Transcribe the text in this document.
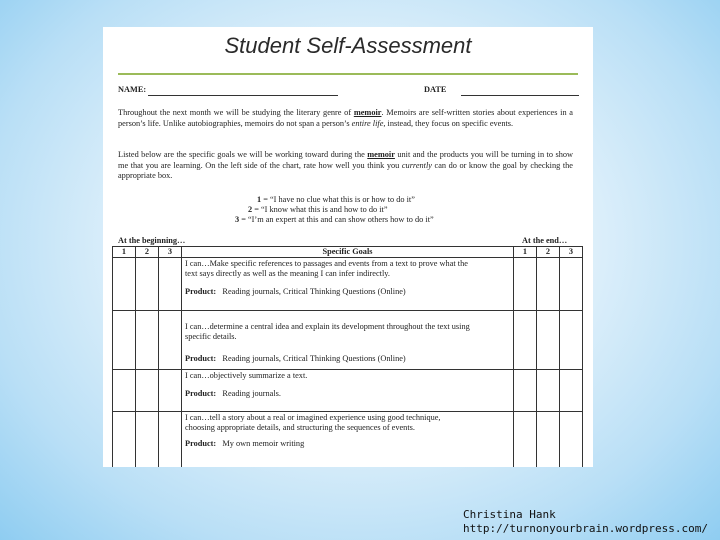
Student Self-Assessment
NAME:	DATE
Throughout the next month we will be studying the literary genre of memoir. Memoirs are self-written stories about experiences in a person’s life. Unlike autobiographies, memoirs do not span a person’s entire life, instead, they focus on specific events.
Listed below are the specific goals we will be working toward during the memoir unit and the products you will be turning in to show me that you are learning. On the left side of the chart, rate how well you think you currently can do or know the goal by checking the appropriate box.
1 = “I have no clue what this is or how to do it”
2 = “I know what this is and how to do it”
3 = “I’m an expert at this and can show others how to do it”
At the beginning…	At the end…
1	2	3	Specific Goals	1	2	3

			I can…Make specific references to passages and events from a text to prove what the
text says directly as well as the meaning I can infer indirectly.
Product: Reading journals, Critical Thinking Questions (Online)			

			I can…determine a central idea and explain its development throughout the text using
specific details.
Product: Reading journals, Critical Thinking Questions (Online)			

			I can…objectively summarize a text.
Product: Reading journals.			

			I can…tell a story about a real or imagined experience using good technique,
choosing appropriate details, and structuring the sequences of events.
Product: My own memoir writing			

Christina Hank
http://turnonyourbrain.wordpress.com/
